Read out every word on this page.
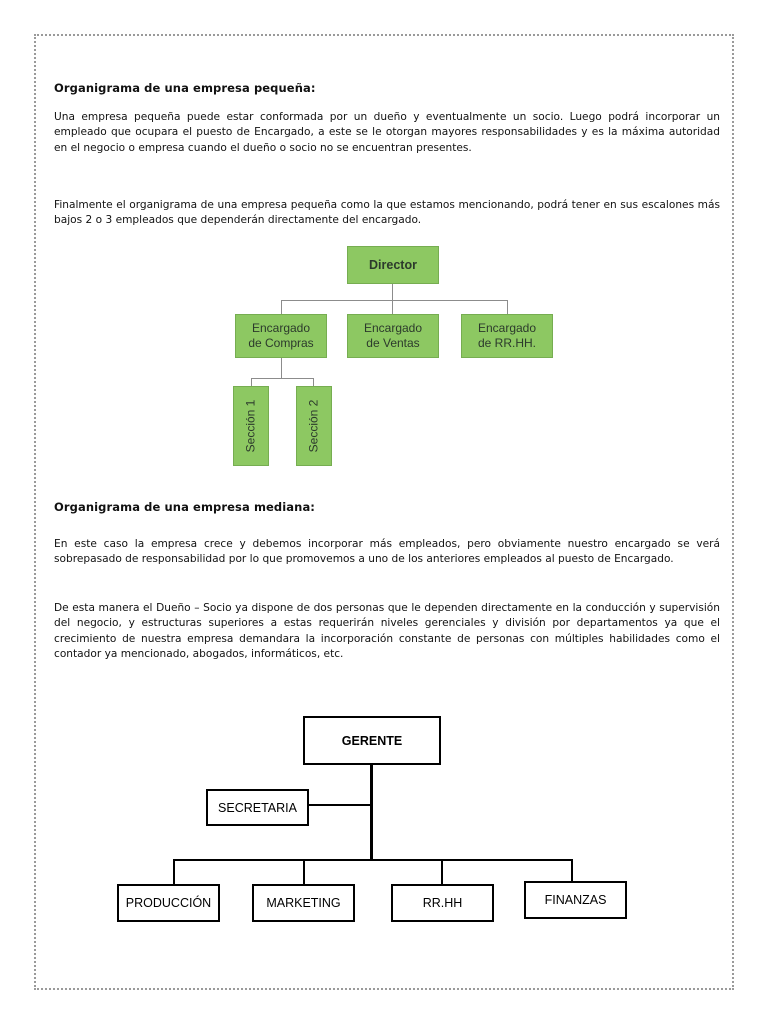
Organigrama de una empresa pequeña:

Una empresa pequeña puede estar conformada por un dueño y eventualmente un socio. Luego podrá incorporar un empleado que ocupara el puesto de Encargado, a este se le otorgan mayores responsabilidades y es la máxima autoridad en el negocio o empresa cuando el dueño o socio no se encuentran presentes.

Finalmente el organigrama de una empresa pequeña como la que estamos mencionando, podrá tener en sus escalones más bajos 2 o 3 empleados que dependerán directamente del encargado.

Director
Encargado
de Compras
Encargado
de Ventas
Encargado
de RR.HH.
Sección 1	Sección 2
Organigrama de una empresa mediana:

En este caso la empresa crece y debemos incorporar más empleados, pero obviamente nuestro encargado se verá sobrepasado de responsabilidad por lo que promovemos a uno de los anteriores empleados al puesto de Encargado.

De esta manera el Dueño – Socio ya dispone de dos personas que le dependen directamente en la conducción y supervisión del negocio, y estructuras superiores a estas requerirán niveles gerenciales y división por departamentos ya que el crecimiento de nuestra empresa demandara la incorporación constante de personas con múltiples habilidades como el contador ya mencionado, abogados, informáticos, etc.

GERENTE
SECRETARIA
PRODUCCIÓN	MARKETING	RR.HH	FINANZAS
